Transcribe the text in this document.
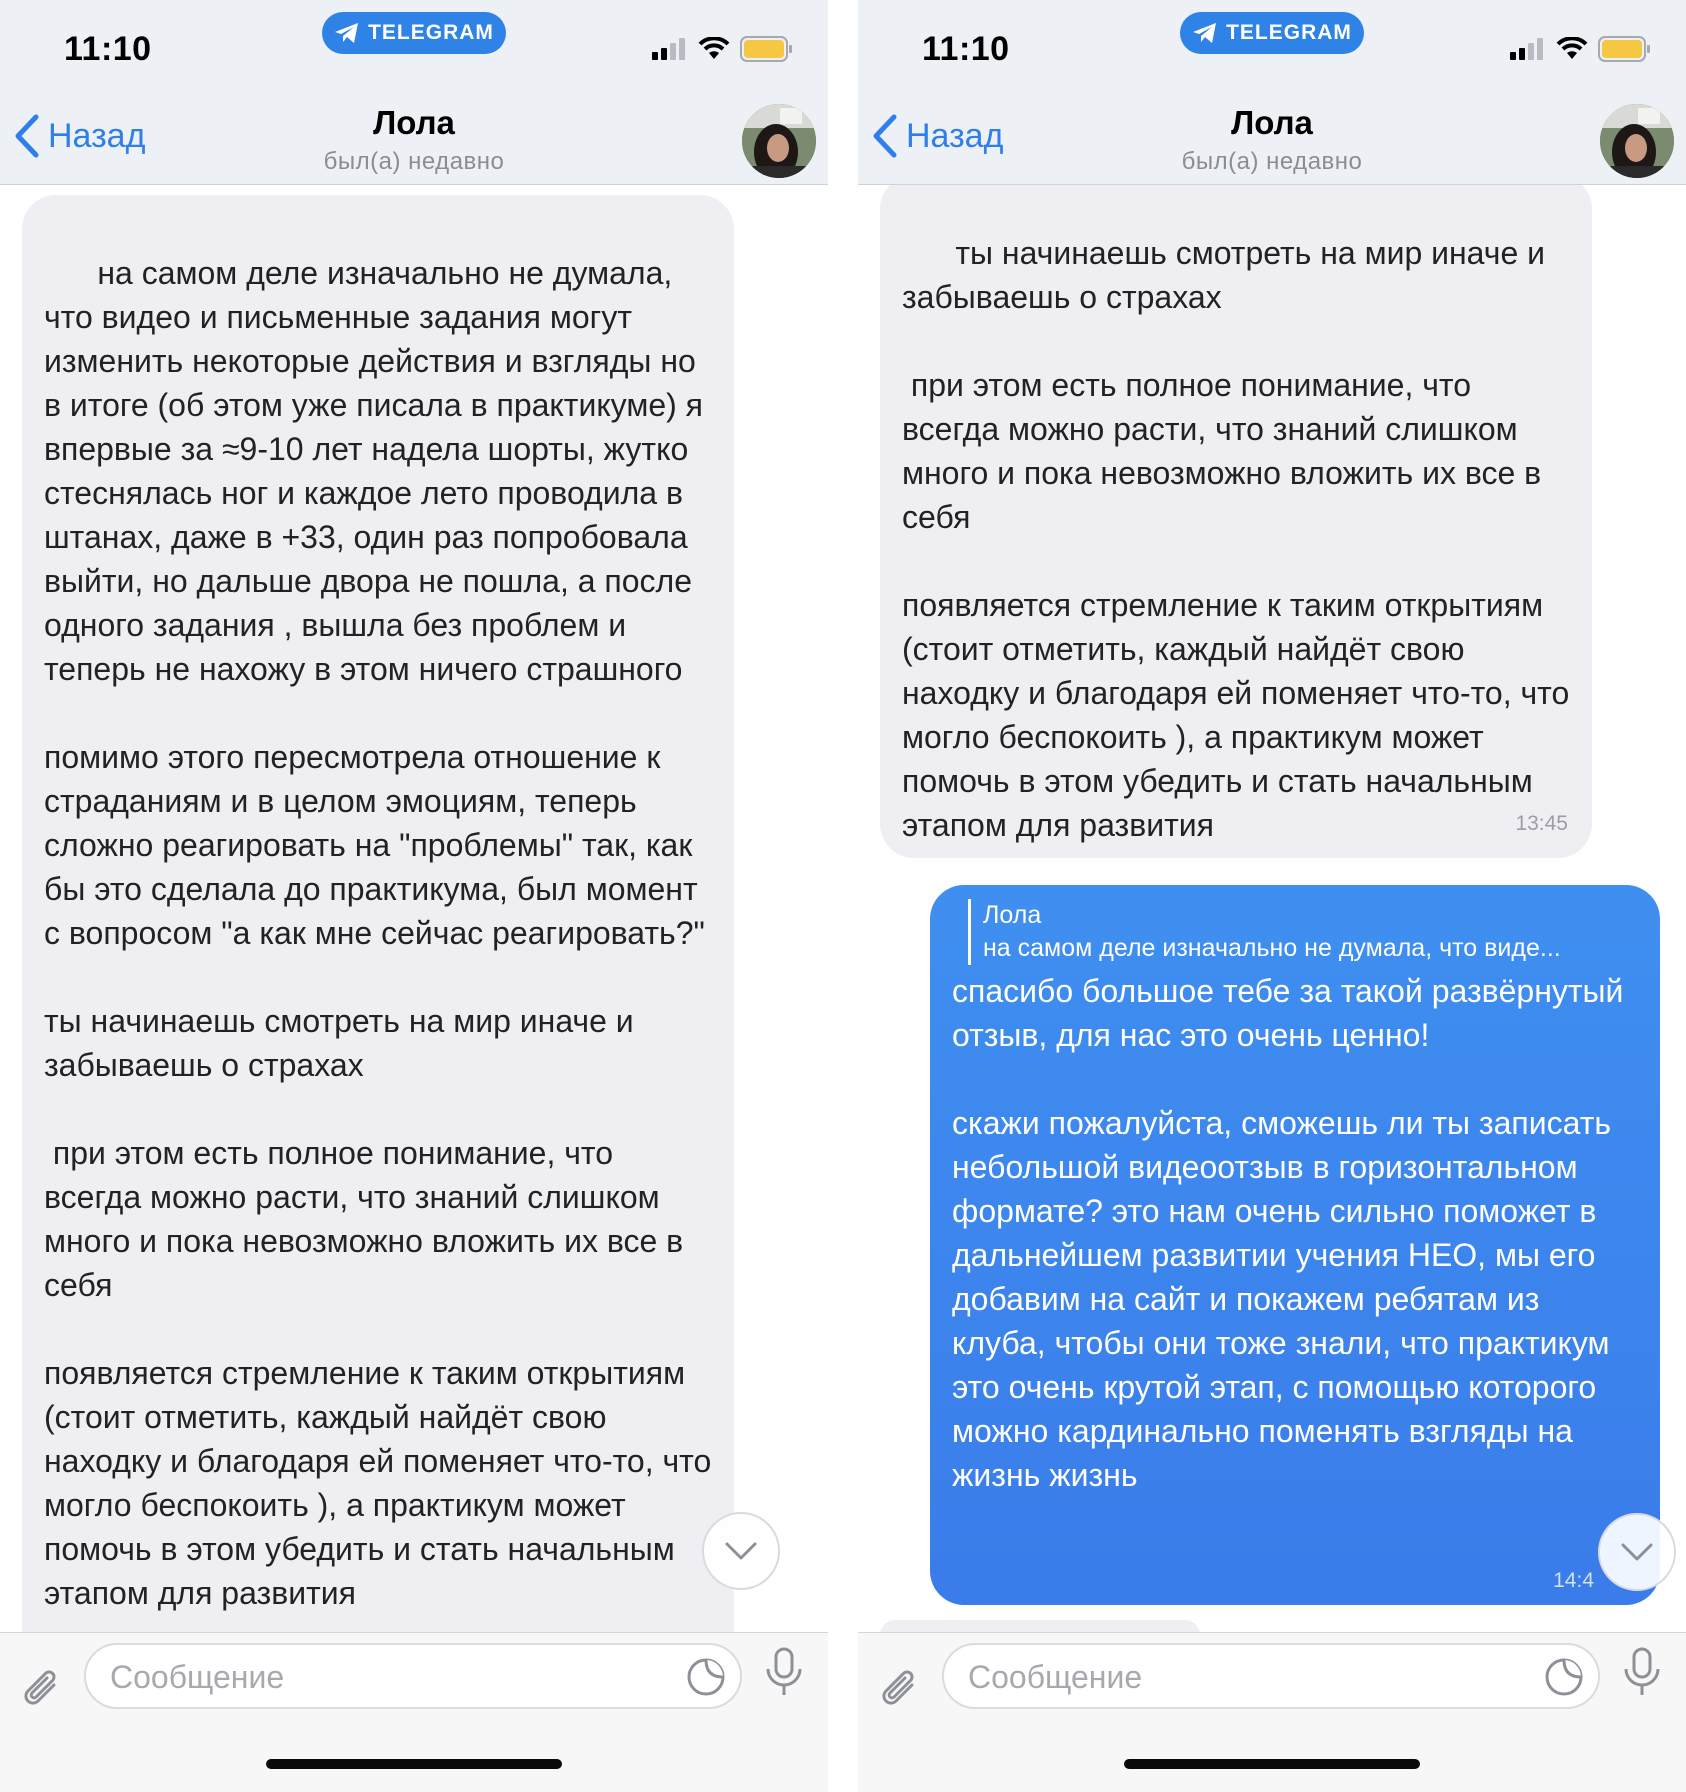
11:10	TELEGRAM
Назад	Лола
был(а) недавно

на самом деле изначально не думала, что видео и письменные задания могут изменить некоторые действия и взгляды но в итоге (об этом уже писала в практикуме) я впервые за ≈9-10 лет надела шорты, жутко стеснялась ног и каждое лето проводила в штанах, даже в +33, один раз попробовала выйти, но дальше двора не пошла, а после одного задания , вышла без проблем и теперь не нахожу в этом ничего страшного

помимо этого пересмотрела отношение к страданиям и в целом эмоциям, теперь сложно реагировать на "проблемы" так, как бы это сделала до практикума, был момент с вопросом "а как мне сейчас реагировать?"

ты начинаешь смотреть на мир иначе и забываешь о страхах

при этом есть полное понимание, что всегда можно расти, что знаний слишком много и пока невозможно вложить их все в себя

появляется стремление к таким открытиям (стоит отметить, каждый найдёт свою находку и благодаря ей поменяет что-то, что могло беспокоить ), а практикум может помочь в этом убедить и стать начальным этапом для развития

Сообщение
11:10	TELEGRAM
Назад	Лола
был(а) недавно

ты начинаешь смотреть на мир иначе и забываешь о страхах

при этом есть полное понимание, что всегда можно расти, что знаний слишком много и пока невозможно вложить их все в себя

появляется стремление к таким открытиям (стоит отметить, каждый найдёт свою находку и благодаря ей поменяет что-то, что могло беспокоить ), а практикум может помочь в этом убедить и стать начальным этапом для развития
	13:45

Лола
на самом деле изначально не думала, что виде...
спасибо большое тебе за такой развёрнутый отзыв, для нас это очень ценно!

скажи пожалуйста, сможешь ли ты записать небольшой видеоотзыв в горизонтальном формате? это нам очень сильно поможет в дальнейшем развитии учения НЕО, мы его добавим на сайт и покажем ребятам из клуба, чтобы они тоже знали, что практикум это очень крутой этап, с помощью которого можно кардинально поменять взгляды на жизнь жизнь
14:4
Сообщение
